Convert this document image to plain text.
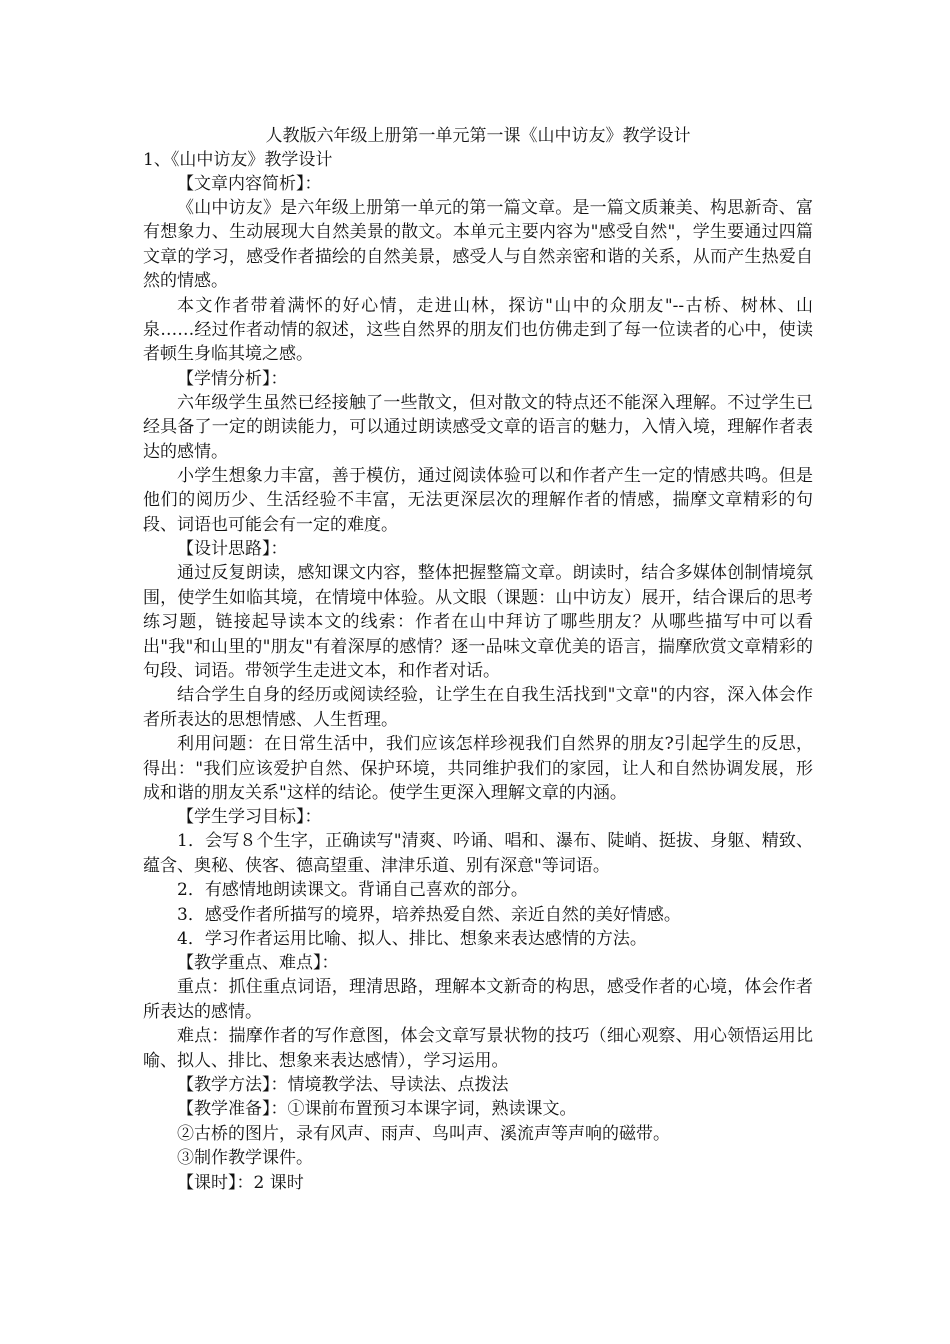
人教版六年级上册第一单元第一课《山中访友》教学设计

1、《山中访友》教学设计

【文章内容简析】：

《山中访友》是六年级上册第一单元的第一篇文章。是一篇文质兼美、构思新奇、富有想象力、生动展现大自然美景的散文。本单元主要内容为"感受自然"，学生要通过四篇文章的学习，感受作者描绘的自然美景，感受人与自然亲密和谐的关系，从而产生热爱自然的情感。

本文作者带着满怀的好心情，走进山林，探访"山中的众朋友"--古桥、树林、山泉……经过作者动情的叙述，这些自然界的朋友们也仿佛走到了每一位读者的心中，使读者顿生身临其境之感。

【学情分析】：

六年级学生虽然已经接触了一些散文，但对散文的特点还不能深入理解。不过学生已经具备了一定的朗读能力，可以通过朗读感受文章的语言的魅力，入情入境，理解作者表达的感情。

小学生想象力丰富，善于模仿，通过阅读体验可以和作者产生一定的情感共鸣。但是他们的阅历少、生活经验不丰富，无法更深层次的理解作者的情感，揣摩文章精彩的句段、词语也可能会有一定的难度。

【设计思路】：

通过反复朗读，感知课文内容，整体把握整篇文章。朗读时，结合多媒体创制情境氛围，使学生如临其境，在情境中体验。从文眼（课题：山中访友）展开，结合课后的思考练习题，链接起导读本文的线索：作者在山中拜访了哪些朋友？从哪些描写中可以看出"我"和山里的"朋友"有着深厚的感情？逐一品味文章优美的语言，揣摩欣赏文章精彩的句段、词语。带领学生走进文本，和作者对话。

结合学生自身的经历或阅读经验，让学生在自我生活找到"文章"的内容，深入体会作者所表达的思想情感、人生哲理。

利用问题：在日常生活中，我们应该怎样珍视我们自然界的朋友?引起学生的反思，得出："我们应该爱护自然、保护环境，共同维护我们的家园，让人和自然协调发展，形成和谐的朋友关系"这样的结论。使学生更深入理解文章的内涵。

【学生学习目标】：

1．会写８个生字，正确读写"清爽、吟诵、唱和、瀑布、陡峭、挺拔、身躯、精致、蕴含、奥秘、侠客、德高望重、津津乐道、别有深意"等词语。

2．有感情地朗读课文。背诵自己喜欢的部分。

3．感受作者所描写的境界，培养热爱自然、亲近自然的美好情感。

4．学习作者运用比喻、拟人、排比、想象来表达感情的方法。

【教学重点、难点】：

重点：抓住重点词语，理清思路，理解本文新奇的构思，感受作者的心境，体会作者所表达的感情。

难点：揣摩作者的写作意图，体会文章写景状物的技巧（细心观察、用心领悟运用比喻、拟人、排比、想象来表达感情），学习运用。

【教学方法】：情境教学法、导读法、点拨法

【教学准备】：①课前布置预习本课字词，熟读课文。

②古桥的图片，录有风声、雨声、鸟叫声、溪流声等声响的磁带。

③制作教学课件。

【课时】：2 课时
